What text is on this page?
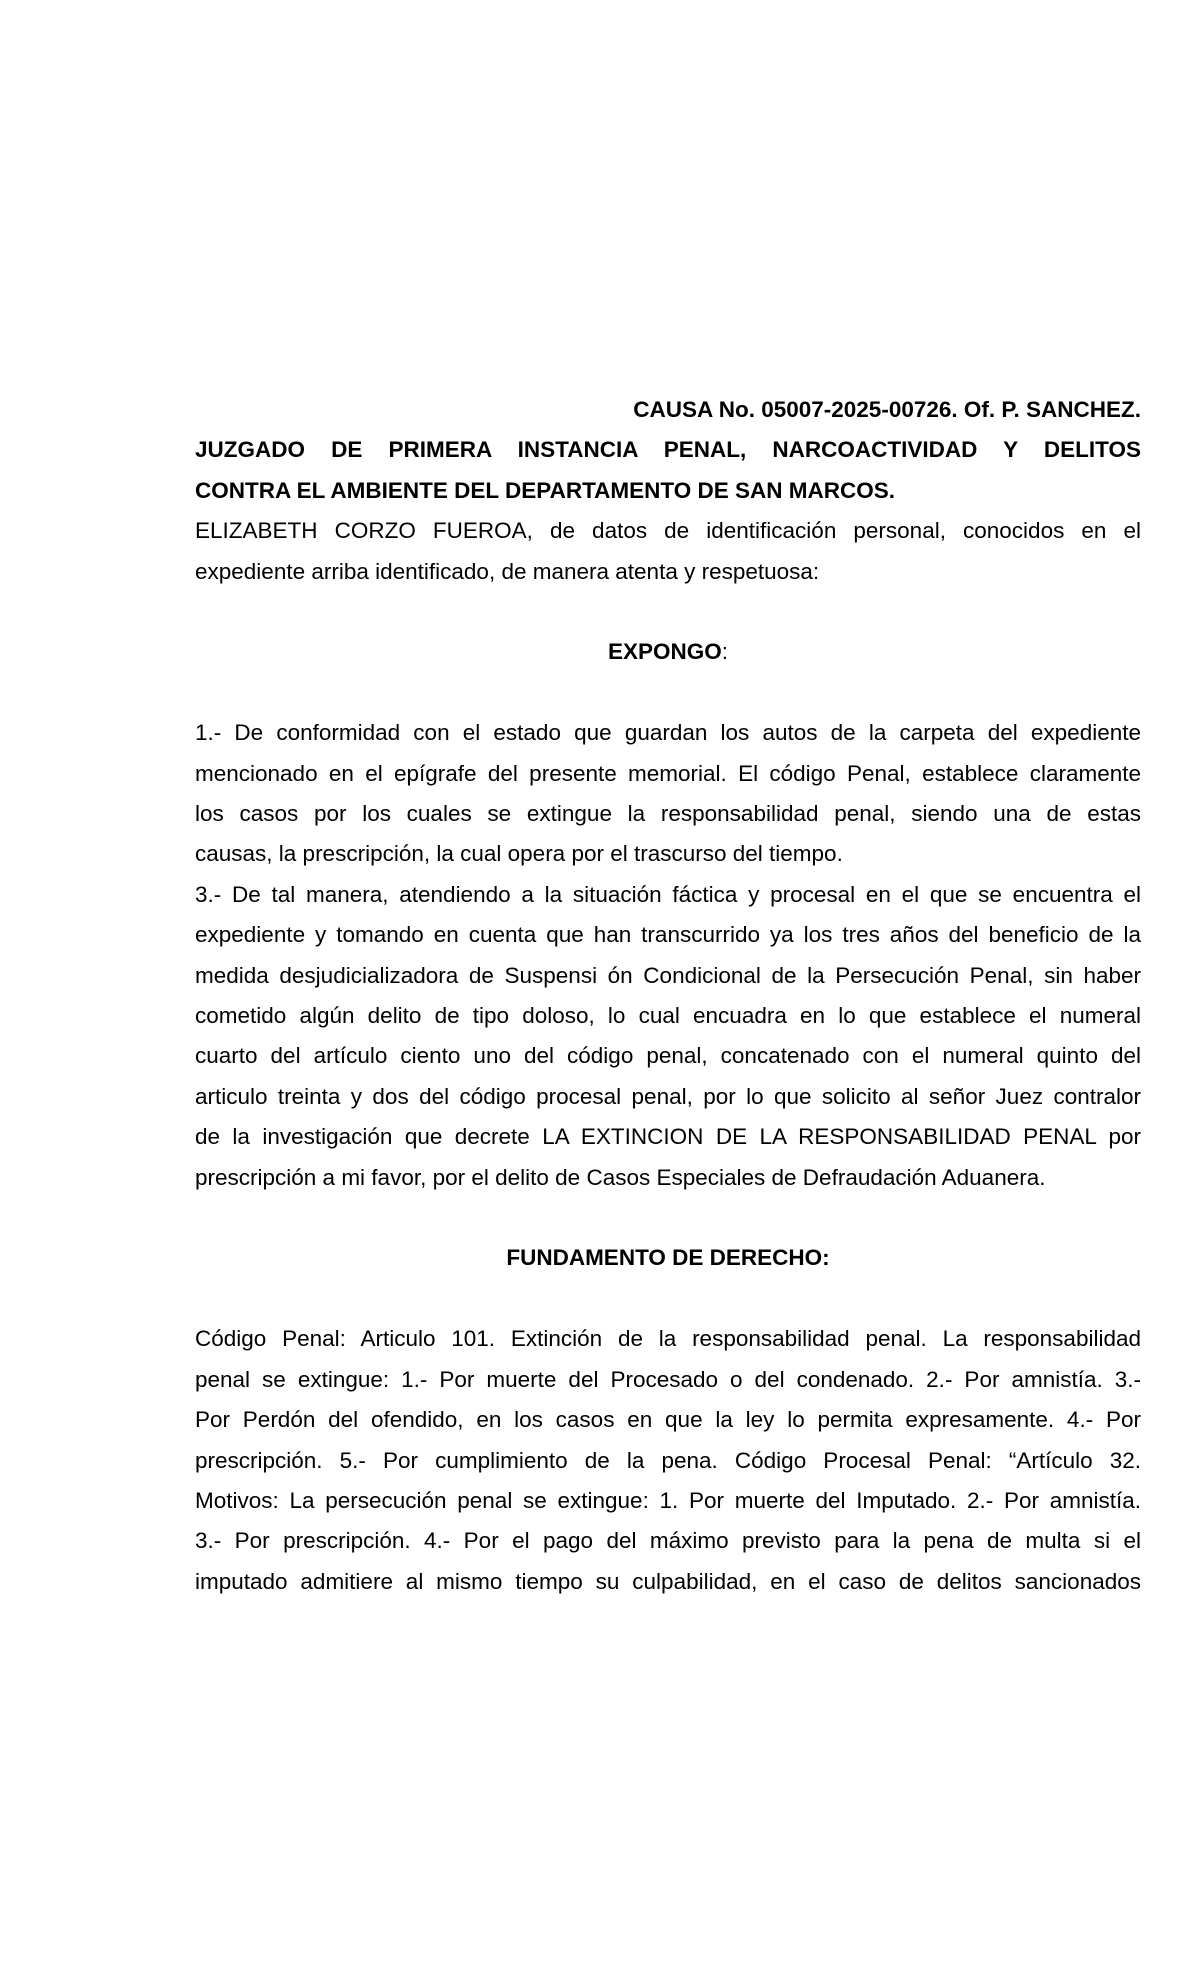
CAUSA No. 05007-2025-00726. Of. P. SANCHEZ.

JUZGADO DE PRIMERA INSTANCIA PENAL, NARCOACTIVIDAD Y DELITOS

CONTRA EL AMBIENTE DEL DEPARTAMENTO DE SAN MARCOS.

ELIZABETH CORZO FUEROA, de datos de identificación personal, conocidos en el

expediente arriba identificado, de manera atenta y respetuosa:

EXPONGO:

1.- De conformidad con el estado que guardan los autos de la carpeta del expediente

mencionado en el epígrafe del presente memorial. El código Penal, establece claramente

los casos por los cuales se extingue la responsabilidad penal, siendo una de estas

causas, la prescripción, la cual opera por el trascurso del tiempo.

3.- De tal manera, atendiendo a la situación fáctica y procesal en el que se encuentra el

expediente y tomando en cuenta que han transcurrido ya los tres años del beneficio de la

medida desjudicializadora de Suspensi ón Condicional de la Persecución Penal, sin haber

cometido algún delito de tipo doloso, lo cual encuadra en lo que establece el numeral

cuarto del artículo ciento uno del código penal, concatenado con el numeral quinto del

articulo treinta y dos del código procesal penal, por lo que solicito al señor Juez contralor

de la investigación que decrete LA EXTINCION DE LA RESPONSABILIDAD PENAL por

prescripción a mi favor, por el delito de Casos Especiales de Defraudación Aduanera.

FUNDAMENTO DE DERECHO:

Código Penal: Articulo 101. Extinción de la responsabilidad penal. La responsabilidad

penal se extingue: 1.- Por muerte del Procesado o del condenado. 2.- Por amnistía. 3.-

Por Perdón del ofendido, en los casos en que la ley lo permita expresamente. 4.- Por

prescripción. 5.- Por cumplimiento de la pena. Código Procesal Penal: “Artículo 32.

Motivos: La persecución penal se extingue: 1. Por muerte del Imputado. 2.- Por amnistía.

3.- Por prescripción. 4.- Por el pago del máximo previsto para la pena de multa si el

imputado admitiere al mismo tiempo su culpabilidad, en el caso de delitos sancionados
